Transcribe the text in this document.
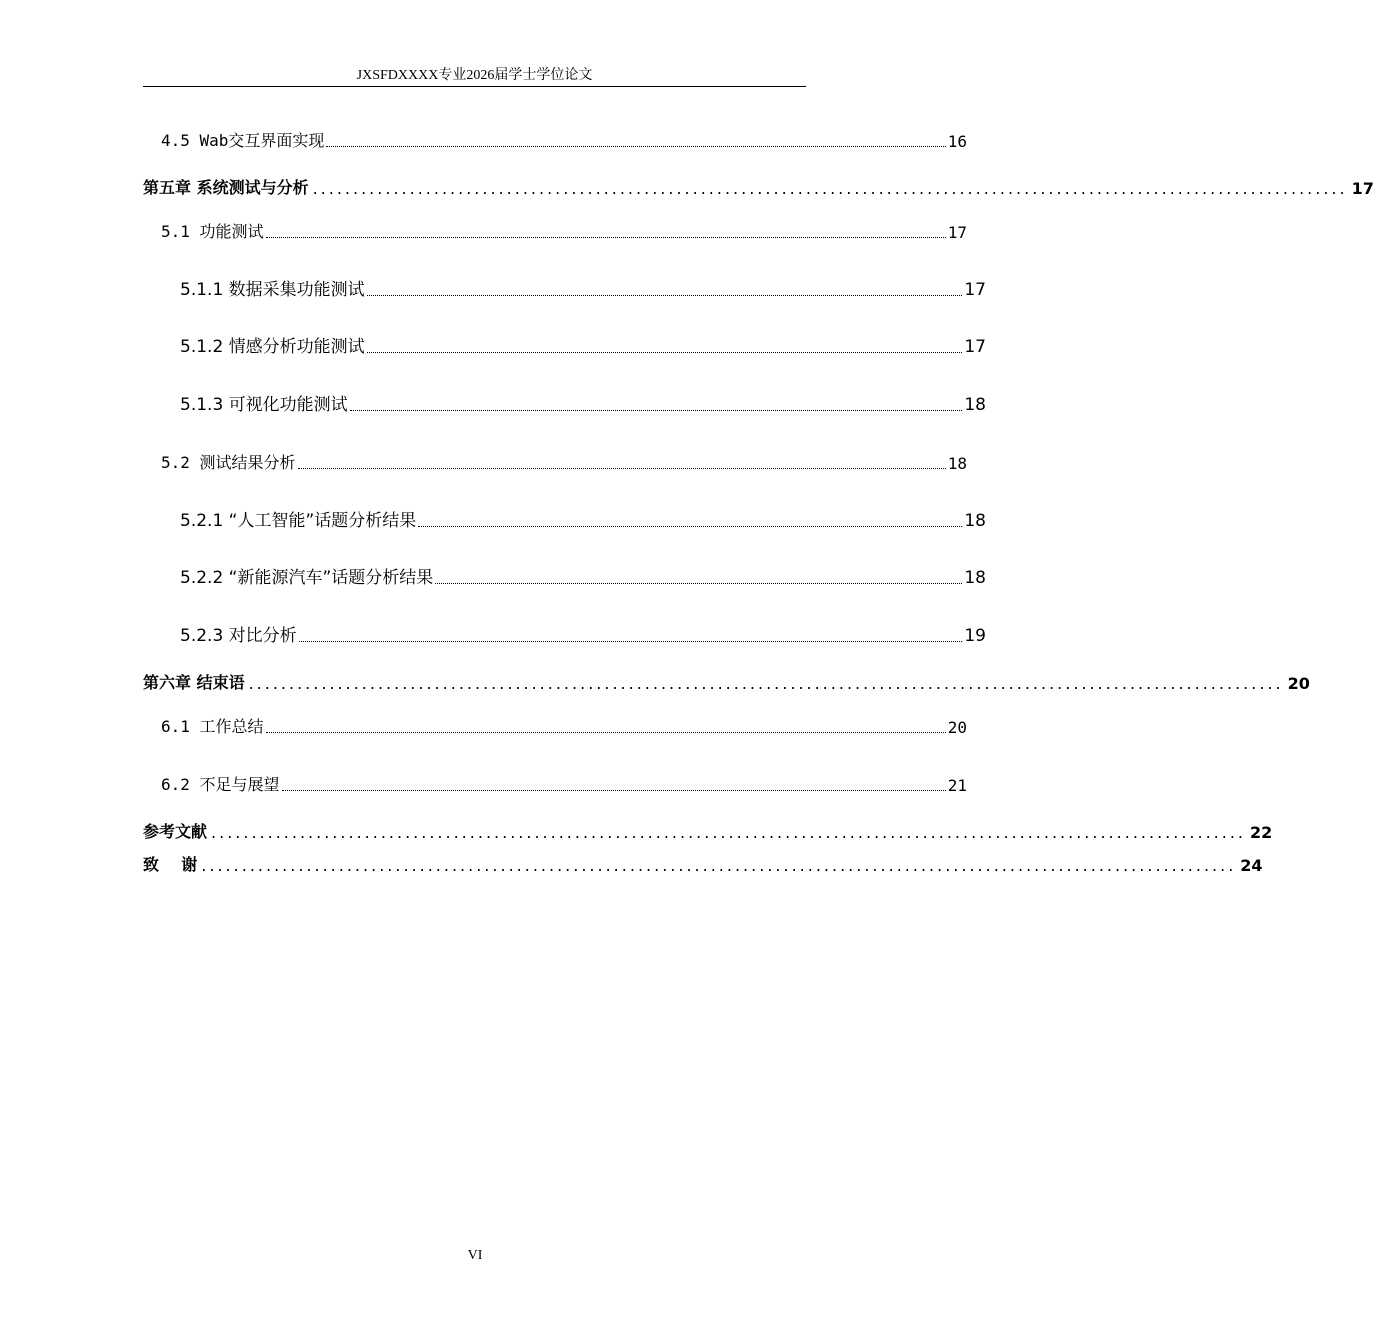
JXSFDXXXX专业2026届学士学位论文
4.5 Wab交互界面实现	16
第五章 系统测试与分析 .....	17
5.1 功能测试	17
5.1.1 数据采集功能测试	17
5.1.2 情感分析功能测试	17
5.1.3 可视化功能测试	18
5.2 测试结果分析	18
5.2.1 “人工智能”话题分析结果	18
5.2.2 “新能源汽车”话题分析结果	18
5.2.3 对比分析	19
第六章 结束语 .....	20
6.1 工作总结	20
6.2 不足与展望	21
参考文献 .....	22
致    谢 .....	24
VI
